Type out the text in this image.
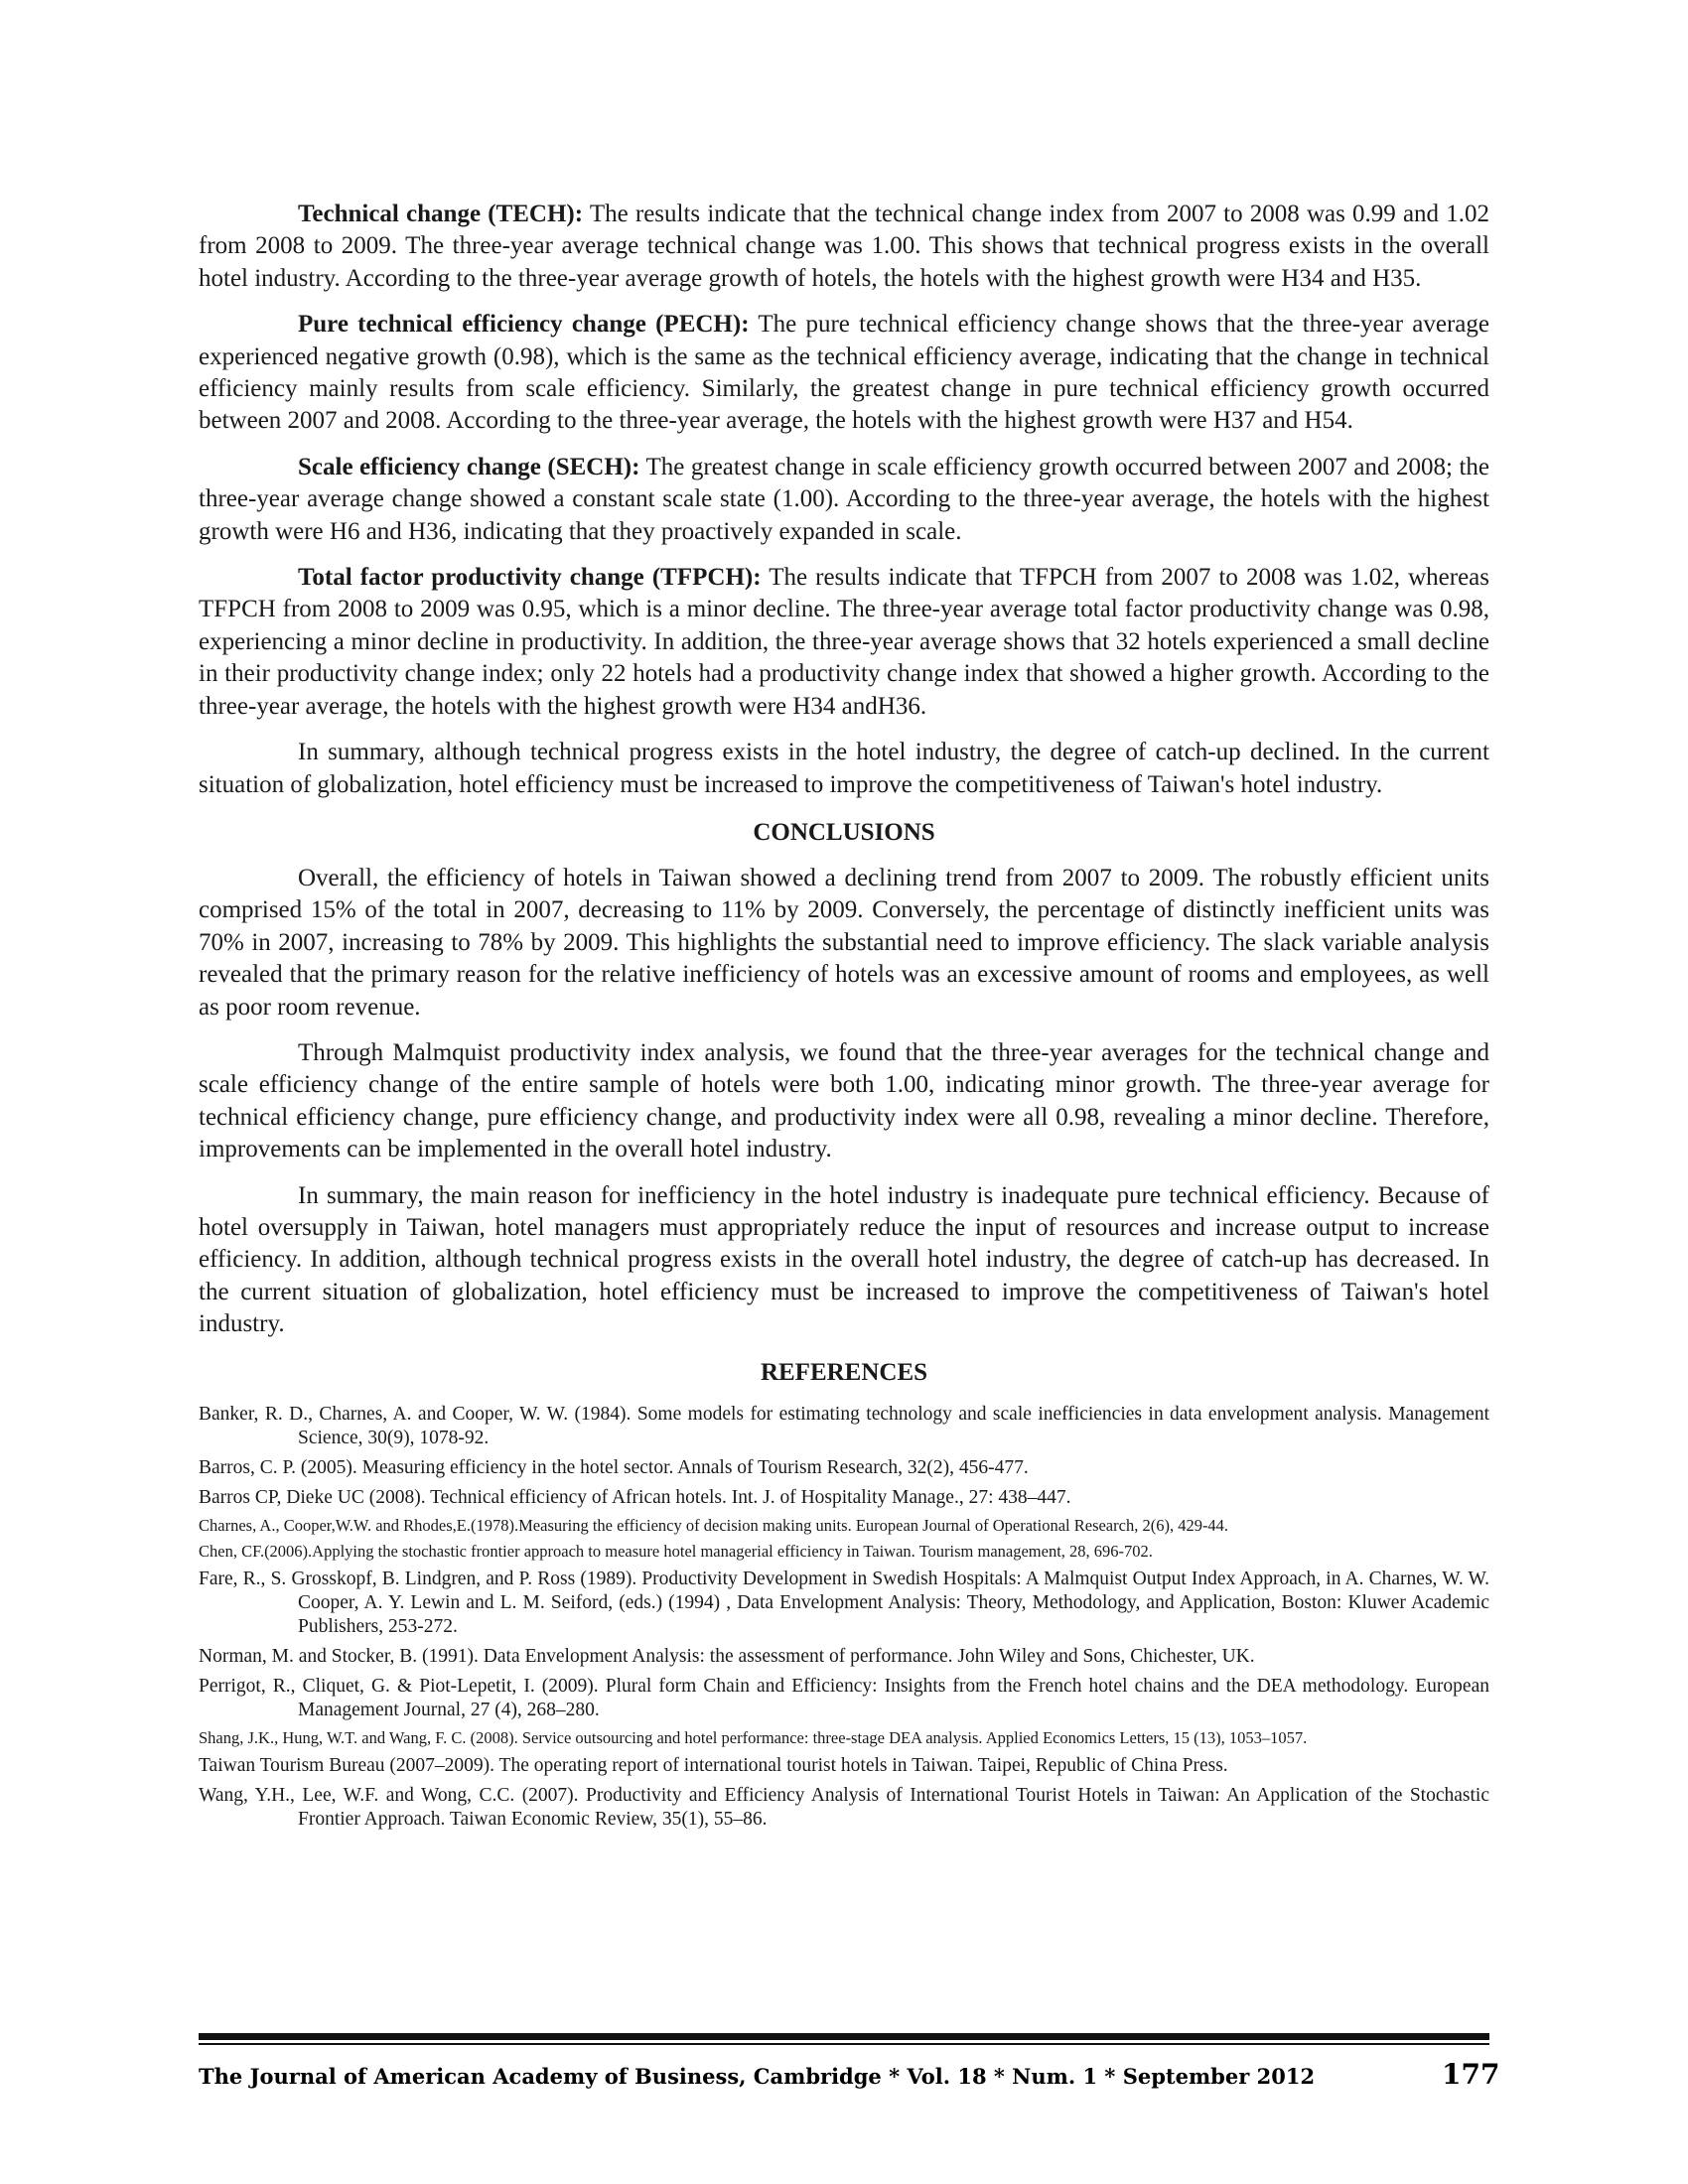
Technical change (TECH): The results indicate that the technical change index from 2007 to 2008 was 0.99 and 1.02 from 2008 to 2009. The three-year average technical change was 1.00. This shows that technical progress exists in the overall hotel industry. According to the three-year average growth of hotels, the hotels with the highest growth were H34 and H35.

Pure technical efficiency change (PECH): The pure technical efficiency change shows that the three-year average experienced negative growth (0.98), which is the same as the technical efficiency average, indicating that the change in technical efficiency mainly results from scale efficiency. Similarly, the greatest change in pure technical efficiency growth occurred between 2007 and 2008. According to the three-year average, the hotels with the highest growth were H37 and H54.

Scale efficiency change (SECH): The greatest change in scale efficiency growth occurred between 2007 and 2008; the three-year average change showed a constant scale state (1.00). According to the three-year average, the hotels with the highest growth were H6 and H36, indicating that they proactively expanded in scale.

Total factor productivity change (TFPCH): The results indicate that TFPCH from 2007 to 2008 was 1.02, whereas TFPCH from 2008 to 2009 was 0.95, which is a minor decline. The three-year average total factor productivity change was 0.98, experiencing a minor decline in productivity. In addition, the three-year average shows that 32 hotels experienced a small decline in their productivity change index; only 22 hotels had a productivity change index that showed a higher growth. According to the three-year average, the hotels with the highest growth were H34 andH36.

In summary, although technical progress exists in the hotel industry, the degree of catch-up declined. In the current situation of globalization, hotel efficiency must be increased to improve the competitiveness of Taiwan's hotel industry.

CONCLUSIONS

Overall, the efficiency of hotels in Taiwan showed a declining trend from 2007 to 2009. The robustly efficient units comprised 15% of the total in 2007, decreasing to 11% by 2009. Conversely, the percentage of distinctly inefficient units was 70% in 2007, increasing to 78% by 2009. This highlights the substantial need to improve efficiency. The slack variable analysis revealed that the primary reason for the relative inefficiency of hotels was an excessive amount of rooms and employees, as well as poor room revenue.

Through Malmquist productivity index analysis, we found that the three-year averages for the technical change and scale efficiency change of the entire sample of hotels were both 1.00, indicating minor growth. The three-year average for technical efficiency change, pure efficiency change, and productivity index were all 0.98, revealing a minor decline. Therefore, improvements can be implemented in the overall hotel industry.

In summary, the main reason for inefficiency in the hotel industry is inadequate pure technical efficiency. Because of hotel oversupply in Taiwan, hotel managers must appropriately reduce the input of resources and increase output to increase efficiency. In addition, although technical progress exists in the overall hotel industry, the degree of catch-up has decreased. In the current situation of globalization, hotel efficiency must be increased to improve the competitiveness of Taiwan's hotel industry.

REFERENCES

Banker, R. D., Charnes, A. and Cooper, W. W. (1984). Some models for estimating technology and scale inefficiencies in data envelopment analysis. Management Science, 30(9), 1078-92.

Barros, C. P. (2005). Measuring efficiency in the hotel sector. Annals of Tourism Research, 32(2), 456-477.

Barros CP, Dieke UC (2008). Technical efficiency of African hotels. Int. J. of Hospitality Manage., 27: 438–447.

Charnes, A., Cooper,W.W. and Rhodes,E.(1978).Measuring the efficiency of decision making units. European Journal of Operational Research, 2(6), 429-44.

Chen, CF.(2006).Applying the stochastic frontier approach to measure hotel managerial efficiency in Taiwan. Tourism management, 28, 696-702.

Fare, R., S. Grosskopf, B. Lindgren, and P. Ross (1989). Productivity Development in Swedish Hospitals: A Malmquist Output Index Approach, in A. Charnes, W. W. Cooper, A. Y. Lewin and L. M. Seiford, (eds.) (1994) , Data Envelopment Analysis: Theory, Methodology, and Application, Boston: Kluwer Academic Publishers, 253-272.

Norman, M. and Stocker, B. (1991). Data Envelopment Analysis: the assessment of performance. John Wiley and Sons, Chichester, UK.

Perrigot, R., Cliquet, G. & Piot-Lepetit, I. (2009). Plural form Chain and Efficiency: Insights from the French hotel chains and the DEA methodology. European Management Journal, 27 (4), 268–280.

Shang, J.K., Hung, W.T. and Wang, F. C. (2008). Service outsourcing and hotel performance: three-stage DEA analysis. Applied Economics Letters, 15 (13), 1053–1057.

Taiwan Tourism Bureau (2007–2009). The operating report of international tourist hotels in Taiwan. Taipei, Republic of China Press.

Wang, Y.H., Lee, W.F. and Wong, C.C. (2007). Productivity and Efficiency Analysis of International Tourist Hotels in Taiwan: An Application of the Stochastic Frontier Approach. Taiwan Economic Review, 35(1), 55–86.

The Journal of American Academy of Business, Cambridge * Vol. 18 * Num. 1 * September 2012	177
